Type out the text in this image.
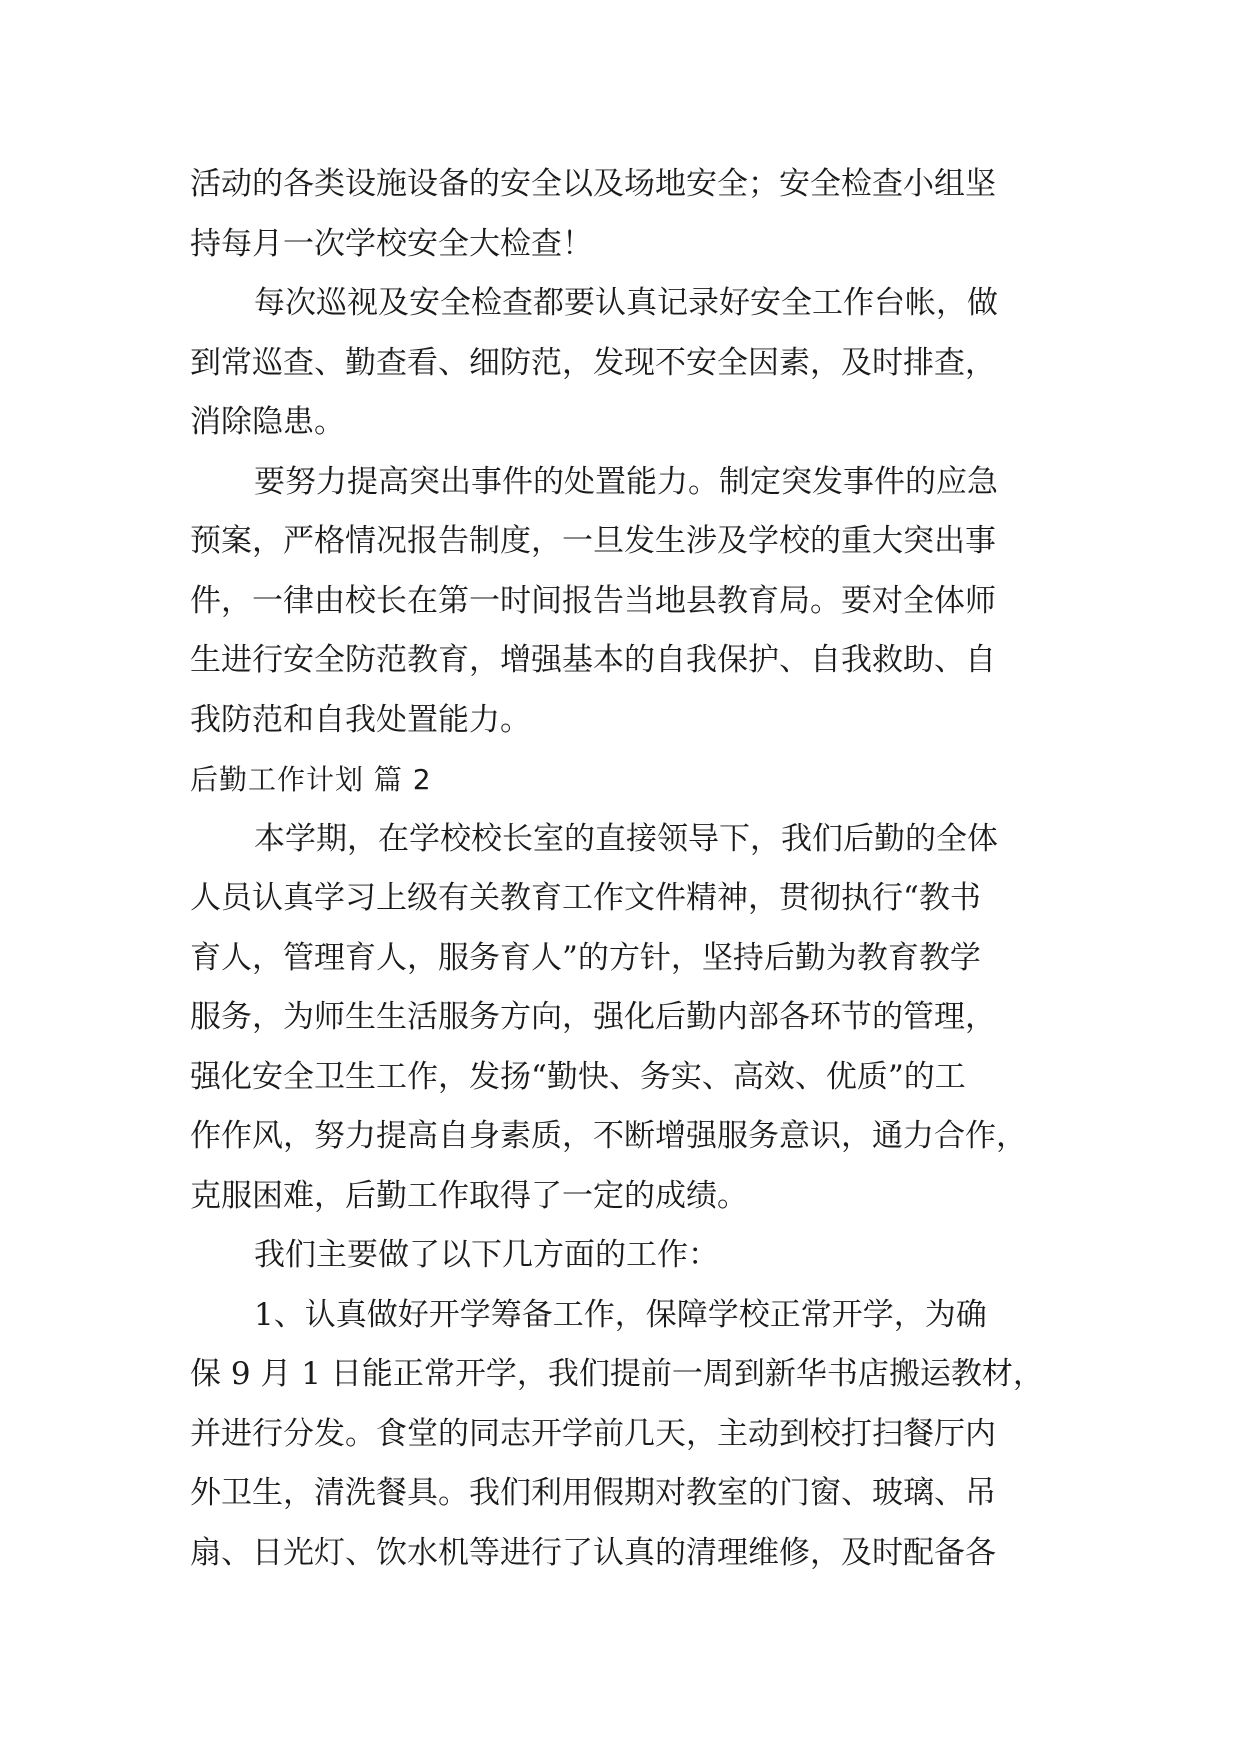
活动的各类设施设备的安全以及场地安全；安全检查小组坚
持每月一次学校安全大检查！
每次巡视及安全检查都要认真记录好安全工作台帐，做
到常巡查、勤查看、细防范，发现不安全因素，及时排查，
消除隐患。
要努力提高突出事件的处置能力。制定突发事件的应急
预案，严格情况报告制度，一旦发生涉及学校的重大突出事
件，一律由校长在第一时间报告当地县教育局。要对全体师
生进行安全防范教育，增强基本的自我保护、自我救助、自
我防范和自我处置能力。
后勤工作计划 篇 2
本学期，在学校校长室的直接领导下，我们后勤的全体
人员认真学习上级有关教育工作文件精神，贯彻执行“教书
育人，管理育人，服务育人”的方针，坚持后勤为教育教学
服务，为师生生活服务方向，强化后勤内部各环节的管理，
强化安全卫生工作，发扬“勤快、务实、高效、优质”的工
作作风，努力提高自身素质，不断增强服务意识，通力合作，
克服困难，后勤工作取得了一定的成绩。
我们主要做了以下几方面的工作：
1、认真做好开学筹备工作，保障学校正常开学，为确
保 9 月 1 日能正常开学，我们提前一周到新华书店搬运教材，
并进行分发。食堂的同志开学前几天，主动到校打扫餐厅内
外卫生，清洗餐具。我们利用假期对教室的门窗、玻璃、吊
扇、日光灯、饮水机等进行了认真的清理维修，及时配备各
